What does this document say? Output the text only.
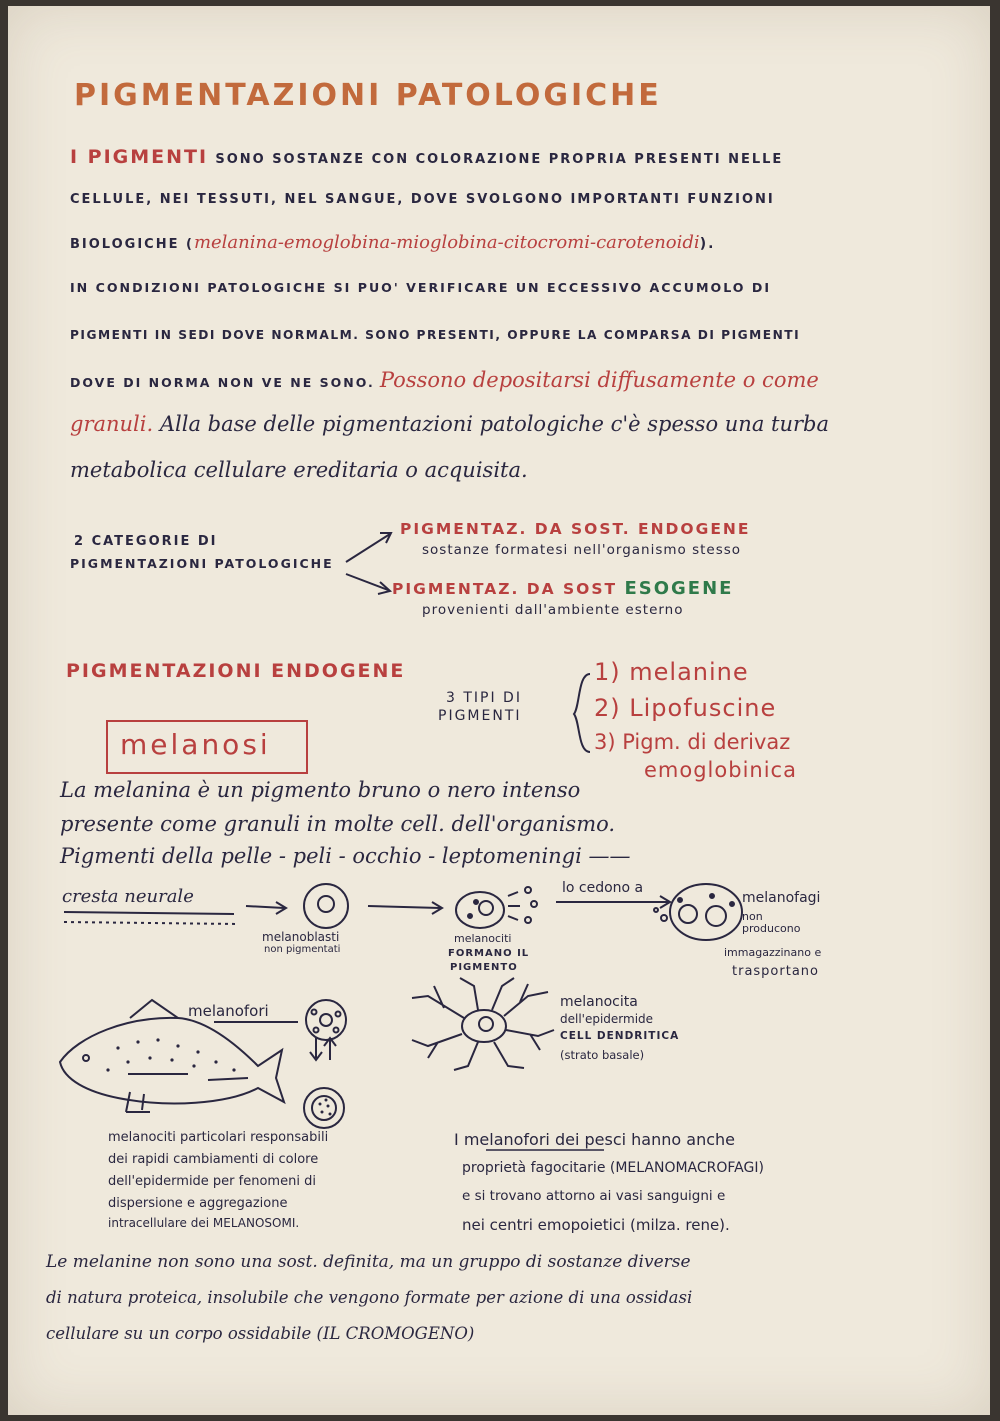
PIGMENTAZIONI PATOLOGICHE
I PIGMENTI SONO SOSTANZE CON COLORAZIONE PROPRIA PRESENTI NELLE
CELLULE, NEI TESSUTI, NEL SANGUE, DOVE SVOLGONO IMPORTANTI FUNZIONI
BIOLOGICHE (melanina-emoglobina-mioglobina-citocromi-carotenoidi).
IN CONDIZIONI PATOLOGICHE SI PUO' VERIFICARE UN ECCESSIVO ACCUMOLO DI
PIGMENTI IN SEDI DOVE NORMALM. SONO PRESENTI, OPPURE LA COMPARSA DI PIGMENTI
DOVE DI NORMA NON VE NE SONO. Possono depositarsi diffusamente o come
granuli. Alla base delle pigmentazioni patologiche c'è spesso una turba
metabolica cellulare ereditaria o acquisita.
2 CATEGORIE DI
PIGMENTAZIONI PATOLOGICHE
PIGMENTAZ. DA SOST. ENDOGENE
sostanze formatesi nell'organismo stesso
PIGMENTAZ. DA SOST ESOGENE
provenienti dall'ambiente esterno
PIGMENTAZIONI ENDOGENE
3 TIPI DI
PIGMENTI
1) melanine
2) Lipofuscine
3) Pigm. di derivaz
emoglobinica
melanosi
La melanina è un pigmento bruno o nero intenso
presente come granuli in molte cell. dell'organismo.
Pigmenti della pelle - peli - occhio - leptomeningi ——
cresta neurale
melanoblasti
non pigmentati
melanociti
FORMANO IL
PIGMENTO
lo cedono a
melanofagi
non
producono
immagazzinano e
trasportano
melanofori	melanocita
dell'epidermide
CELL DENDRITICA
(strato basale)
melanociti particolari responsabili
dei rapidi cambiamenti di colore
dell'epidermide per fenomeni di
dispersione e aggregazione
intracellulare dei MELANOSOMI.
I melanofori dei pesci hanno anche
proprietà fagocitarie (MELANOMACROFAGI)
e si trovano attorno ai vasi sanguigni e
nei centri emopoietici (milza. rene).
Le melanine non sono una sost. definita, ma un gruppo di sostanze diverse
di natura proteica, insolubile che vengono formate per azione di una ossidasi
cellulare su un corpo ossidabile (IL CROMOGENO)
